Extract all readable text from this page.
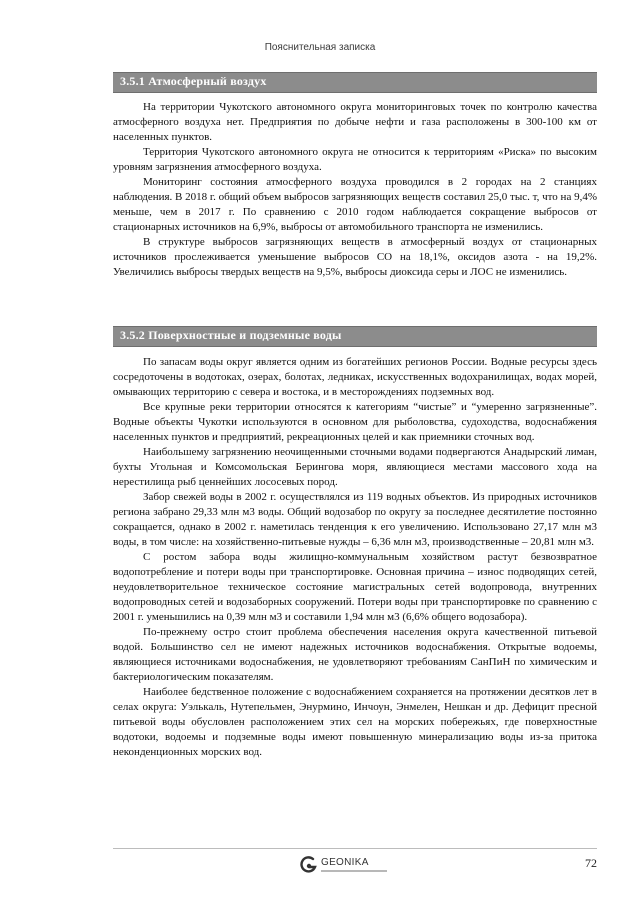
Пояснительная записка
3.5.1 Атмосферный воздух

На территории Чукотского автономного округа мониторинговых точек по контролю качества атмосферного воздуха нет. Предприятия по добыче нефти и газа расположены в 300-100 км от населенных пунктов.

Территория Чукотского автономного округа не относится к территориям «Риска» по высоким уровням загрязнения атмосферного воздуха.

Мониторинг состояния атмосферного воздуха проводился в 2 городах на 2 станциях наблюдения. В 2018 г. общий объем выбросов загрязняющих веществ составил 25,0 тыс. т, что на 9,4% меньше, чем в 2017 г. По сравнению с 2010 годом наблюдается сокращение выбросов от стационарных источников на 6,9%, выбросы от автомобильного транспорта не изменились.

В структуре выбросов загрязняющих веществ в атмосферный воздух от стационарных источников прослеживается уменьшение выбросов СО на 18,1%, оксидов азота - на 19,2%. Увеличились выбросы твердых веществ на 9,5%, выбросы диоксида серы и ЛОС не изменились.

3.5.2 Поверхностные и подземные воды

По запасам воды округ является одним из богатейших регионов России. Водные ресурсы здесь сосредоточены в водотоках, озерах, болотах, ледниках, искусственных водохранилищах, водах морей, омывающих территорию с севера и востока, и в месторождениях подземных вод.

Все крупные реки территории относятся к категориям “чистые” и “умеренно загрязненные”. Водные объекты Чукотки используются в основном для рыболовства, судоходства, водоснабжения населенных пунктов и предприятий, рекреационных целей и как приемники сточных вод.

Наибольшему загрязнению неочищенными сточными водами подвергаются Анадырский лиман, бухты Угольная и Комсомольская Берингова моря, являющиеся местами массового хода на нерестилища рыб ценнейших лососевых пород.

Забор свежей воды в 2002 г. осуществлялся из 119 водных объектов. Из природных источников региона забрано 29,33 млн м3 воды. Общий водозабор по округу за последнее десятилетие постоянно сокращается, однако в 2002 г. наметилась тенденция к его увеличению. Использовано 27,17 млн м3 воды, в том числе: на хозяйственно-питьевые нужды – 6,36 млн м3, производственные – 20,81 млн м3.

С ростом забора воды жилищно-коммунальным хозяйством растут безвозвратное водопотребление и потери воды при транспортировке. Основная причина – износ подводящих сетей, неудовлетворительное техническое состояние магистральных сетей водопровода, внутренних водопроводных сетей и водозаборных сооружений. Потери воды при транспортировке по сравнению с 2001 г. уменьшились на 0,39 млн м3 и составили 1,94 млн м3 (6,6% общего водозабора).

По-прежнему остро стоит проблема обеспечения населения округа качественной питьевой водой. Большинство сел не имеют надежных источников водоснабжения. Открытые водоемы, являющиеся источниками водоснабжения, не удовлетворяют требованиям СанПиН по химическим и бактериологическим показателям.

Наиболее бедственное положение с водоснабжением сохраняется на протяжении десятков лет в селах округа: Уэлькаль, Нутепельмен, Энурмино, Инчоун, Энмелен, Нешкан и др. Дефицит пресной питьевой воды обусловлен расположением этих сел на морских побережьях, где поверхностные водотоки, водоемы и подземные воды имеют повышенную минерализацию воды из-за притока неконденционных морских вод.

GEONIKA	72
